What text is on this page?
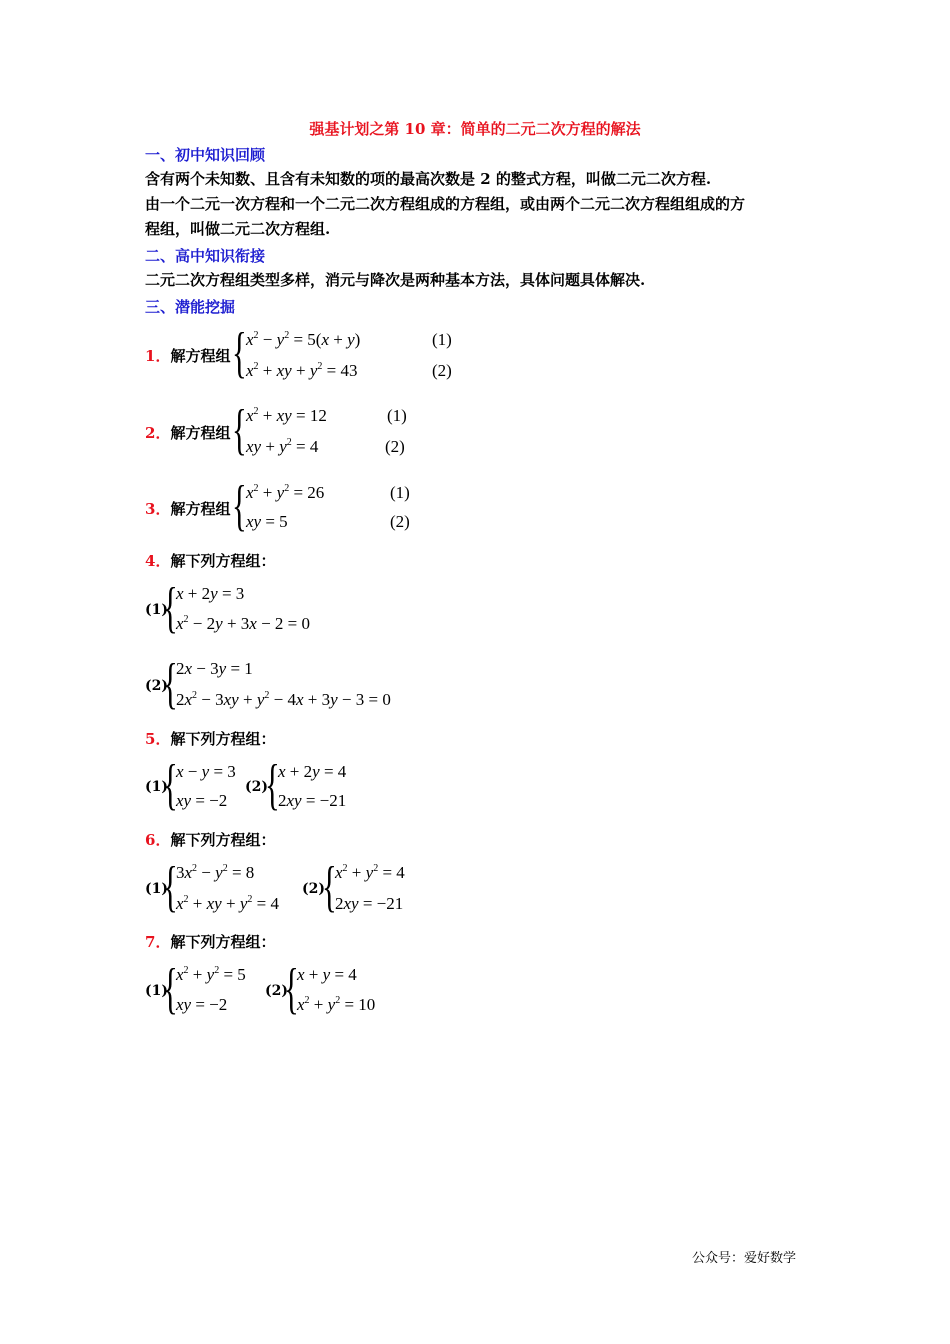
强基计划之第 10 章：简单的二元二次方程的解法
一、初中知识回顾
含有两个未知数、且含有未知数的项的最高次数是 2 的整式方程，叫做二元二次方程.
由一个二元一次方程和一个二元二次方程组成的方程组，或由两个二元二次方程组组成的方
程组，叫做二元二次方程组.
二、高中知识衔接
二元二次方程组类型多样，消元与降次是两种基本方法，具体问题具体解决.
三、潜能挖掘
1．解方程组 { $x^2 - y^2 = 5(x + y)$
$x^2$ + xy + $y^2 = 43$
(1)
(2)
2．解方程组 { $x^2$ + xy = 12
xy + $y^2 = 4$
(1)
(2)
3．解方程组 { $x^2 + y^2 = 26$
xy = 5
(1)
(2)
4．解下列方程组：
(1)
{
x + 2y = 3
$x^2 - 2y + 3x - 2 = 0$
(2)
{
2x − 3y = 1
$2x^2 - 3xy + y^2 - 4x + 3y - 3 = 0$
5．解下列方程组：
(1)
{
x − y = 3
xy = −2
(2)
{
x + 2y = 4
2xy = −21
6．解下列方程组：
(1)
{
$3x^2 - y^2 = 8$
$x^2$ + xy + $y^2 = 4$
(2)
{
$x^2 + y^2 = 4$
2xy = −21
7．解下列方程组：
(1)
{
$x^2 + y^2 = 5$
xy = −2
(2)
{
x + y = 4
$x^2 + y^2 = 10$
公众号：爱好数学
